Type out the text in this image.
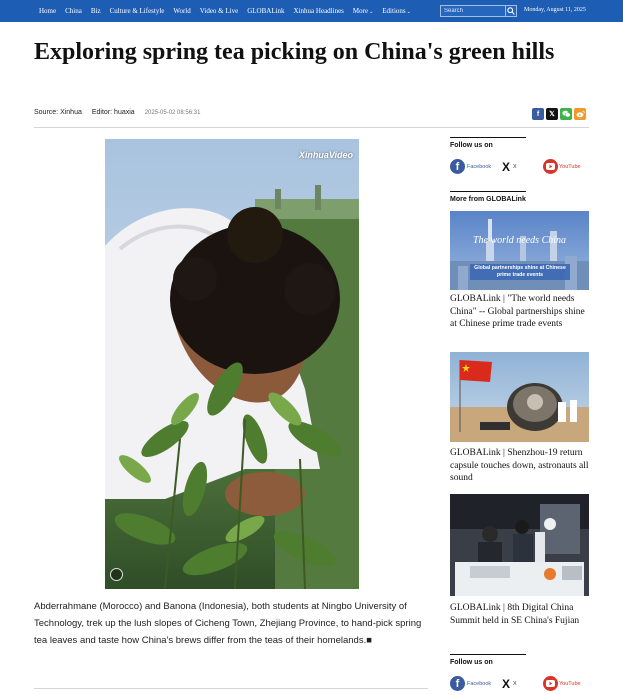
Home China Biz Culture & Lifestyle World Video & Live GLOBALink Xinhua Headlines More⌄ Editions⌄
Search	Monday, August 11, 2025
Exploring spring tea picking on China's green hills
Source: Xinhua Editor: huaxia 2025-05-02 08:56:31	f	𝕏
XinhuaVideo

Abderrahmane (Morocco) and Banona (Indonesia), both students at Ningbo University of Technology, trek up the lush slopes of Cicheng Town, Zhejiang Province, to hand-pick spring tea leaves and taste how China's brews differ from the teas of their homelands.■

Follow us on
f	Facebook X X	YouTube
More from GLOBALink
The world needs China
Global partnerships shine at Chinese prime trade events
GLOBALink | "The world needs China" -- Global partnerships shine at Chinese prime trade events
GLOBALink | Shenzhou-19 return capsule touches down, astronauts all sound
GLOBALink | 8th Digital China Summit held in SE China's Fujian
Follow us on
f	Facebook X X	YouTube
